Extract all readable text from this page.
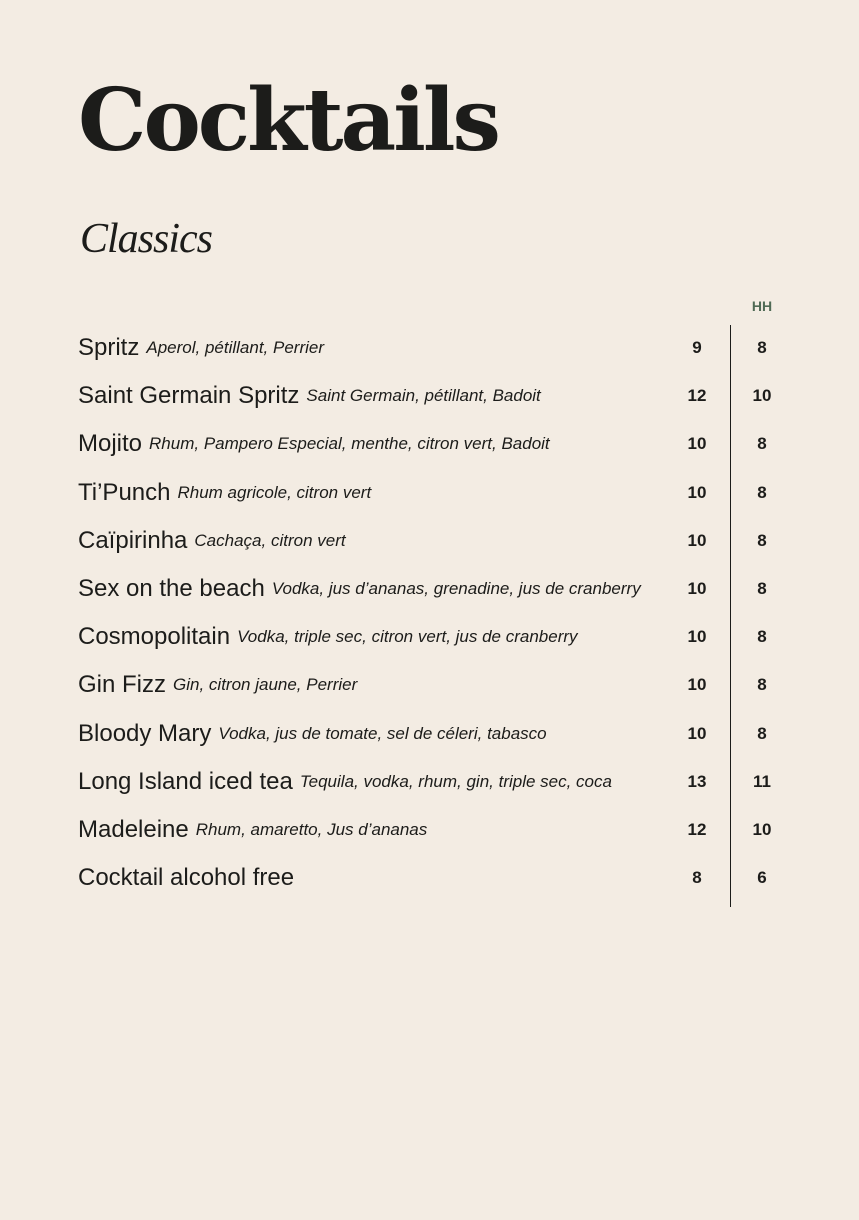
Cocktails
Classics
HH
Spritz Aperol, pétillant, Perrier	9	8
Saint Germain Spritz Saint Germain, pétillant, Badoit	12	10
Mojito Rhum, Pampero Especial, menthe, citron vert, Badoit	10	8
Ti’Punch Rhum agricole, citron vert	10	8
Caïpirinha Cachaça, citron vert	10	8
Sex on the beach Vodka, jus d’ananas, grenadine, jus de cranberry	10	8
Cosmopolitain Vodka, triple sec, citron vert, jus de cranberry	10	8
Gin Fizz Gin, citron jaune, Perrier	10	8
Bloody Mary Vodka, jus de tomate, sel de céleri, tabasco	10	8
Long Island iced tea Tequila, vodka, rhum, gin, triple sec, coca	13	11
Madeleine Rhum, amaretto, Jus d’ananas	12	10
Cocktail alcohol free	8	6
